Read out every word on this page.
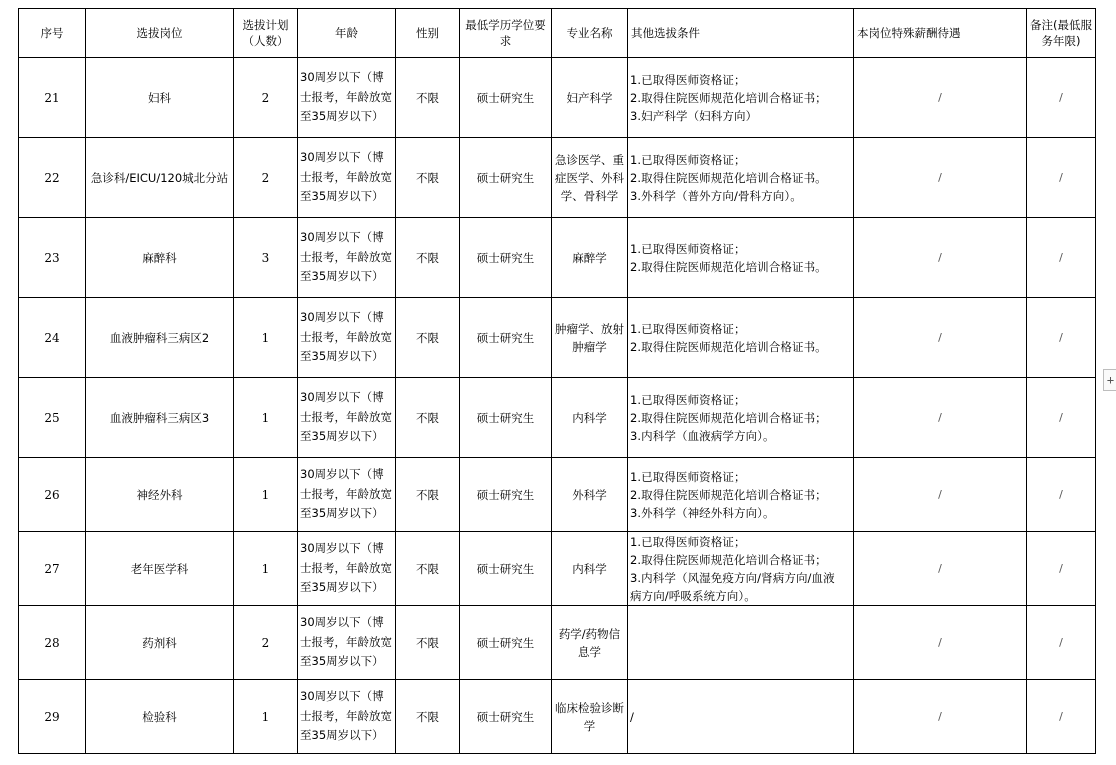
序号	选拔岗位	选拔计划（人数）	年龄	性别	最低学历学位要求	专业名称	其他选拔条件	本岗位特殊薪酬待遇	备注(最低服务年限)
21	妇科	2	30周岁以下（博士报考，年龄放宽至35周岁以下）	不限	硕士研究生	妇产科学	1.已取得医师资格证；
2.取得住院医师规范化培训合格证书；
3.妇产科学（妇科方向）	/	/
22	急诊科/EICU/120城北分站	2	30周岁以下（博士报考，年龄放宽至35周岁以下）	不限	硕士研究生	急诊医学、重症医学、外科学、骨科学	1.已取得医师资格证；
2.取得住院医师规范化培训合格证书。
3.外科学（普外方向/骨科方向）。	/	/
23	麻醉科	3	30周岁以下（博士报考，年龄放宽至35周岁以下）	不限	硕士研究生	麻醉学	1.已取得医师资格证；
2.取得住院医师规范化培训合格证书。	/	/
24	血液肿瘤科三病区2	1	30周岁以下（博士报考，年龄放宽至35周岁以下）	不限	硕士研究生	肿瘤学、放射肿瘤学	1.已取得医师资格证；
2.取得住院医师规范化培训合格证书。	/	/
25	血液肿瘤科三病区3	1	30周岁以下（博士报考，年龄放宽至35周岁以下）	不限	硕士研究生	内科学	1.已取得医师资格证；
2.取得住院医师规范化培训合格证书；
3.内科学（血液病学方向）。	/	/
26	神经外科	1	30周岁以下（博士报考，年龄放宽至35周岁以下）	不限	硕士研究生	外科学	1.已取得医师资格证；
2.取得住院医师规范化培训合格证书；
3.外科学（神经外科方向）。	/	/
27	老年医学科	1	30周岁以下（博士报考，年龄放宽至35周岁以下）	不限	硕士研究生	内科学	1.已取得医师资格证；
2.取得住院医师规范化培训合格证书；
3.内科学（风湿免疫方向/肾病方向/血液
病方向/呼吸系统方向）。	/	/
28	药剂科	2	30周岁以下（博士报考，年龄放宽至35周岁以下）	不限	硕士研究生	药学/药物信息学		/	/
29	检验科	1	30周岁以下（博士报考，年龄放宽至35周岁以下）	不限	硕士研究生	临床检验诊断学	/	/	/
+
